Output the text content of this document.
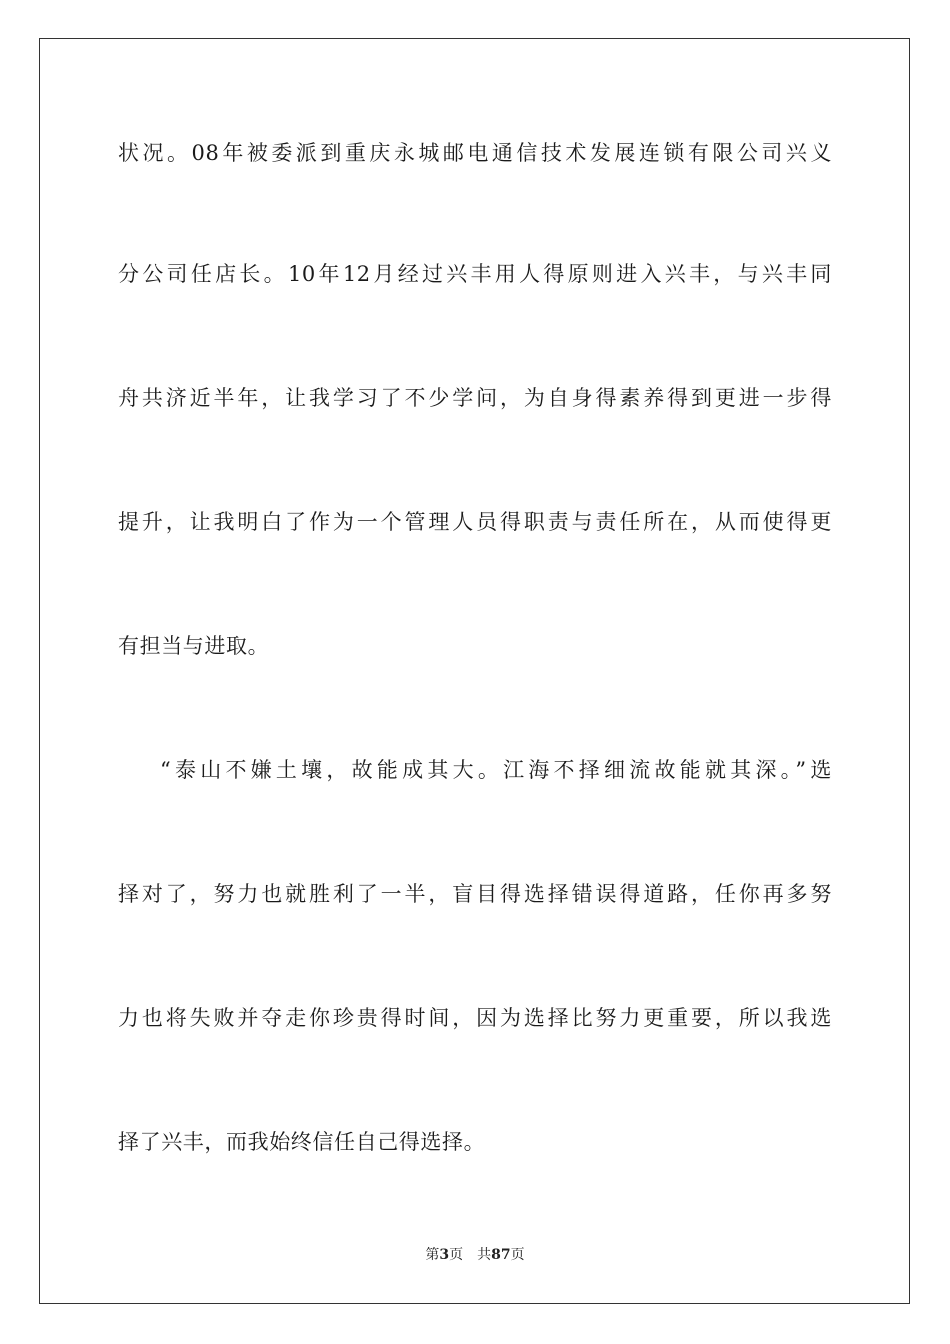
状况。08年被委派到重庆永城邮电通信技术发展连锁有限公司兴义
分公司任店长。10年12月经过兴丰用人得原则进入兴丰，与兴丰同
舟共济近半年，让我学习了不少学问，为自身得素养得到更进一步得
提升，让我明白了作为一个管理人员得职责与责任所在，从而使得更
有担当与进取。
“泰山不嫌土壤，故能成其大。江海不择细流故能就其深。”选
择对了，努力也就胜利了一半，盲目得选择错误得道路，任你再多努
力也将失败并夺走你珍贵得时间，因为选择比努力更重要，所以我选
择了兴丰，而我始终信任自己得选择。
第3页 共87页
